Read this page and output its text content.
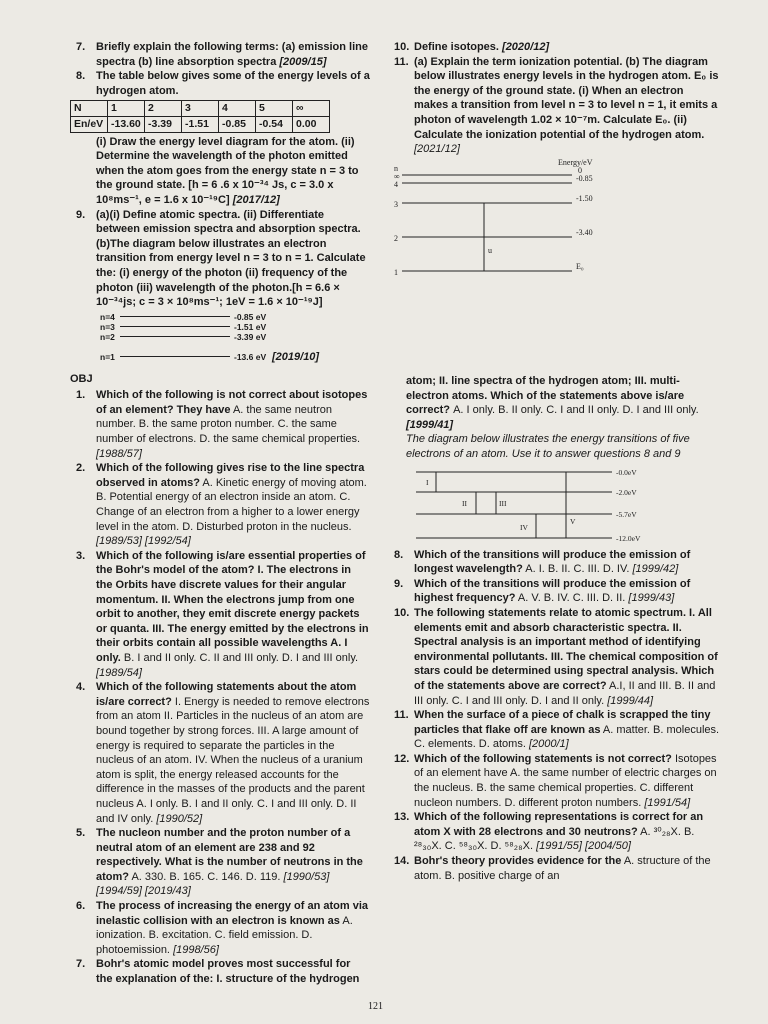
7. Briefly explain the following terms: (a) emission line spectra (b) line absorption spectra [2009/15]
8. The table below gives some of the energy levels of a hydrogen atom.
N	1	2	3	4	5	∞
En/eV	-13.60	-3.39	-1.51	-0.85	-0.54	0.00
(i) Draw the energy level diagram for the atom. (ii) Determine the wavelength of the photon emitted when the atom goes from the energy state n = 3 to the ground state. [h = 6 .6 x 10⁻³⁴ Js, c = 3.0 x 10⁸ms⁻¹, e = 1.6 x 10⁻¹⁹C] [2017/12]
9. (a)(i) Define atomic spectra. (ii) Differentiate between emission spectra and absorption spectra.(b)The diagram below illustrates an electron transition from energy level n = 3 to n = 1. Calculate the: (i) energy of the photon (ii) frequency of the photon (iii) wavelength of the photon.[h = 6.6 × 10⁻³⁴js; c = 3 × 10⁸ms⁻¹; 1eV = 1.6 × 10⁻¹⁹J]
n=4	-0.85 eV
n=3	-1.51 eV
n=2	-3.39 eV
n=1	-13.6 eV [2019/10]
OBJ
1. Which of the following is not correct about isotopes of an element? They have A. the same neutron number. B. the same proton number. C. the same number of electrons. D. the same chemical properties. [1988/57]
2. Which of the following gives rise to the line spectra observed in atoms? A. Kinetic energy of moving atom. B. Potential energy of an electron inside an atom. C. Change of an electron from a higher to a lower energy level in the atom. D. Disturbed proton in the nucleus. [1989/53] [1992/54]
3. Which of the following is/are essential properties of the Bohr's model of the atom? I. The electrons in the Orbits have discrete values for their angular momentum. II. When the electrons jump from one orbit to another, they emit discrete energy packets or quanta. III. The energy emitted by the electrons in their orbits contain all possible wavelengths A. I only. B. I and II only. C. II and III only. D. I and III only. [1989/54]
4. Which of the following statements about the atom is/are correct? I. Energy is needed to remove electrons from an atom II. Particles in the nucleus of an atom are bound together by strong forces. III. A large amount of energy is required to separate the particles in the nucleus of an atom. IV. When the nucleus of a uranium atom is split, the energy released accounts for the difference in the masses of the products and the parent nucleus A. I only. B. I and II only. C. I and III only. D. II and IV only. [1990/52]
5. The nucleon number and the proton number of a neutral atom of an element are 238 and 92 respectively. What is the number of neutrons in the atom? A. 330. B. 165. C. 146. D. 119. [1990/53] [1994/59] [2019/43]
6. The process of increasing the energy of an atom via inelastic collision with an electron is known as A. ionization. B. excitation. C. field emission. D. photoemission. [1998/56]
7. Bohr's atomic model proves most successful for the explanation of the: I. structure of the hydrogen
10. Define isotopes. [2020/12]
11. (a) Explain the term ionization potential. (b) The diagram below illustrates energy levels in the hydrogen atom. E₀ is the energy of the ground state. (i) When an electron makes a transition from level n = 3 to level n = 1, it emits a photon of wavelength 1.02 × 10⁻⁷m. Calculate E₀. (ii) Calculate the ionization potential of the hydrogen atom. [2021/12]
Energy/eV
0
n
∞
4
3
2
1
-0.85
-1.50
-3.40
E₀
u
atom; II. line spectra of the hydrogen atom; III. multi-electron atoms. Which of the statements above is/are correct? A. I only. B. II only. C. I and II only. D. I and III only. [1999/41]
The diagram below illustrates the energy transitions of five electrons of an atom. Use it to answer questions 8 and 9
-0.0eV
-2.0eV
-5.7eV
-12.0eV
I
II	III
IV
V
8. Which of the transitions will produce the emission of longest wavelength? A. I. B. II. C. III. D. IV. [1999/42]
9. Which of the transitions will produce the emission of highest frequency? A. V. B. IV. C. III. D. II. [1999/43]
10. The following statements relate to atomic spectrum. I. All elements emit and absorb characteristic spectra. II. Spectral analysis is an important method of identifying environmental pollutants. III. The chemical composition of stars could be determined using spectral analysis. Which of the statements above are correct? A.I, II and III. B. II and III only. C. I and III only. D. I and II only. [1999/44]
11. When the surface of a piece of chalk is scrapped the tiny particles that flake off are known as A. matter. B. molecules. C. elements. D. atoms. [2000/1]
12. Which of the following statements is not correct? Isotopes of an element have A. the same number of electric charges on the nucleus. B. the same chemical properties. C. different nucleon numbers. D. different proton numbers. [1991/54]
13. Which of the following representations is correct for an atom X with 28 electrons and 30 neutrons? A. ³⁰₂₈X. B. ²⁸₃₀X. C. ⁵⁸₃₀X. D. ⁵⁸₂₈X. [1991/55] [2004/50]
14. Bohr's theory provides evidence for the A. structure of the atom. B. positive charge of an
121
